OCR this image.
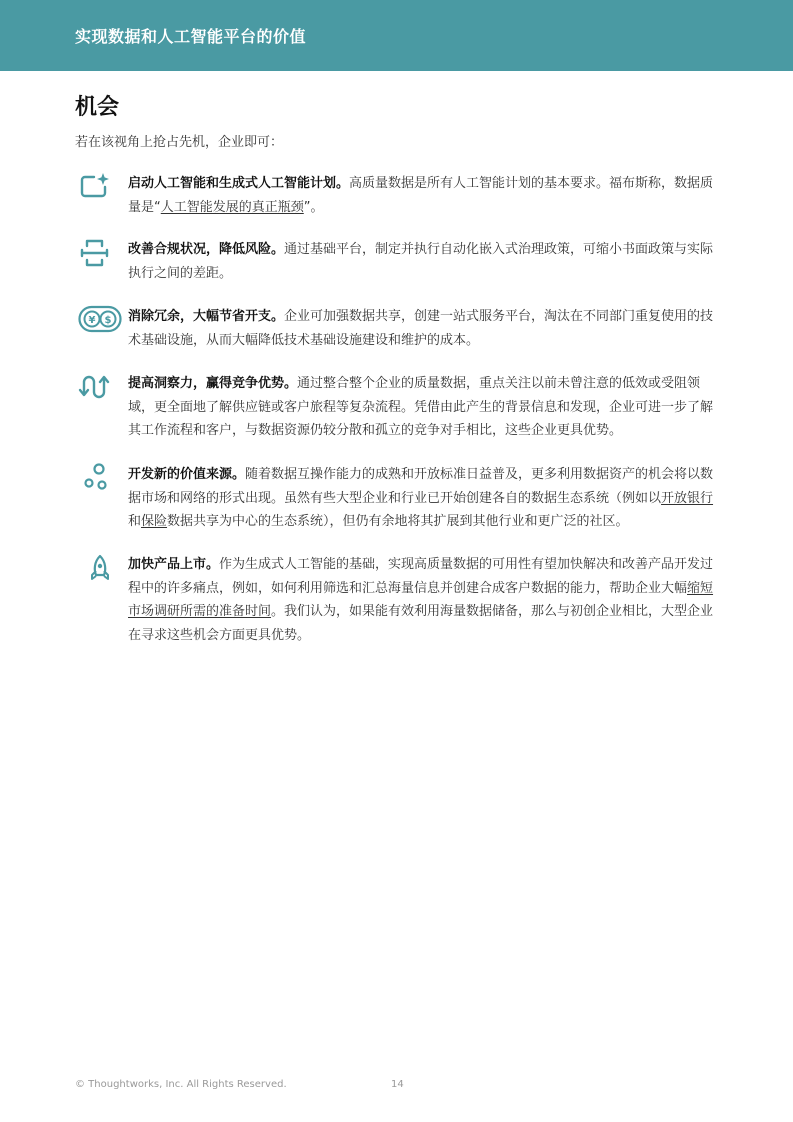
实现数据和人工智能平台的价值
机会
若在该视角上抢占先机，企业即可：
启动人工智能和生成式人工智能计划。高质量数据是所有人工智能计划的基本要求。福布斯称，数据质量是“人工智能发展的真正瓶颈”。
改善合规状况，降低风险。通过基础平台，制定并执行自动化嵌入式治理政策，可缩小书面政策与实际执行之间的差距。
¥ $ 消除冗余，大幅节省开支。企业可加强数据共享，创建一站式服务平台，淘汰在不同部门重复使用的技术基础设施，从而大幅降低技术基础设施建设和维护的成本。
提高洞察力，赢得竞争优势。通过整合整个企业的质量数据，重点关注以前未曾注意的低效或受阻领域，更全面地了解供应链或客户旅程等复杂流程。凭借由此产生的背景信息和发现，企业可进一步了解其工作流程和客户，与数据资源仍较分散和孤立的竞争对手相比，这些企业更具优势。
开发新的价值来源。随着数据互操作能力的成熟和开放标准日益普及，更多利用数据资产的机会将以数据市场和网络的形式出现。虽然有些大型企业和行业已开始创建各自的数据生态系统（例如以开放银行和保险数据共享为中心的生态系统），但仍有余地将其扩展到其他行业和更广泛的社区。
加快产品上市。作为生成式人工智能的基础，实现高质量数据的可用性有望加快解决和改善产品开发过程中的许多痛点，例如，如何利用筛选和汇总海量信息并创建合成客户数据的能力，帮助企业大幅缩短市场调研所需的准备时间。我们认为，如果能有效利用海量数据储备，那么与初创企业相比，大型企业在寻求这些机会方面更具优势。
© Thoughtworks, Inc. All Rights Reserved.	14
